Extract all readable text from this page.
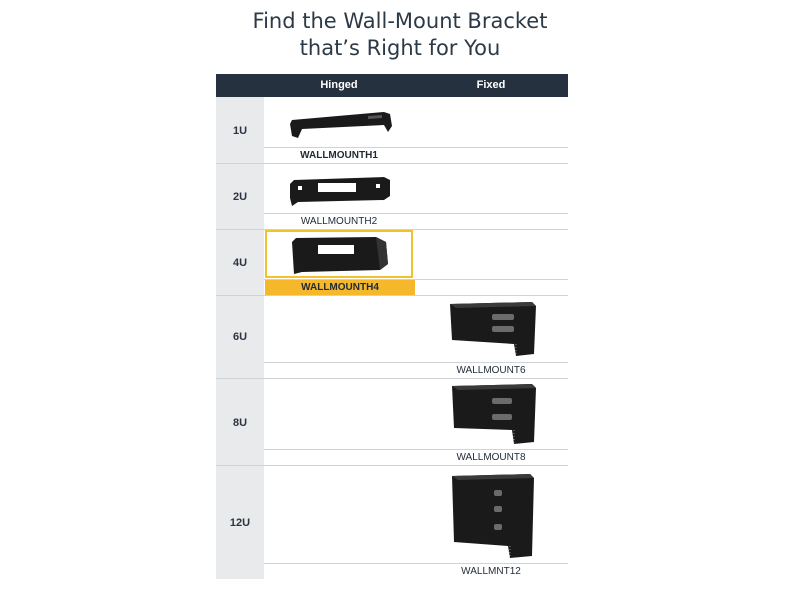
Find the Wall-Mount Bracket
that’s Right for You
Hinged	Fixed
1U
2U
4U
6U
8U
12U
WALLMOUNTH1
WALLMOUNTH2
WALLMOUNTH4
WALLMOUNT6
WALLMOUNT8
WALLMNT12
